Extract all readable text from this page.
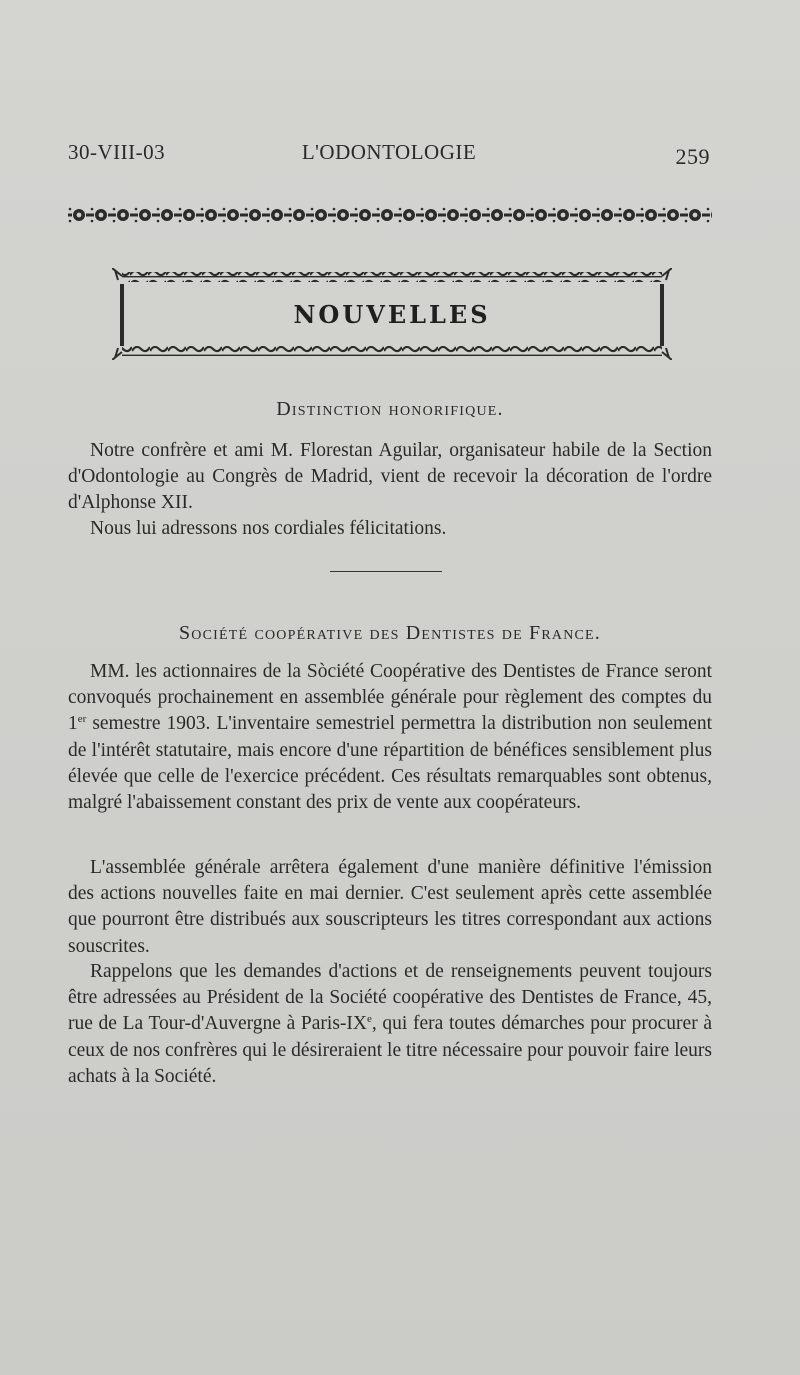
30-VIII-03	L'ODONTOLOGIE	259
NOUVELLES
Distinction honorifique.
Notre confrère et ami M. Florestan Aguilar, organisateur habile de la Section d'Odontologie au Congrès de Madrid, vient de recevoir la décoration de l'ordre d'Alphonse XII.
Nous lui adressons nos cordiales félicitations.
Société coopérative des Dentistes de France.
MM. les actionnaires de la Sòciété Coopérative des Dentistes de France seront convoqués prochainement en assemblée générale pour règlement des comptes du 1er semestre 1903. L'inventaire semestriel permettra la distribution non seulement de l'intérêt statutaire, mais encore d'une répartition de bénéfices sensiblement plus élevée que celle de l'exercice précédent. Ces résultats remarquables sont obtenus, malgré l'abaissement constant des prix de vente aux coopérateurs.
L'assemblée générale arrêtera également d'une manière définitive l'émission des actions nouvelles faite en mai dernier. C'est seulement après cette assemblée que pourront être distribués aux souscripteurs les titres correspondant aux actions souscrites.
Rappelons que les demandes d'actions et de renseignements peuvent toujours être adressées au Président de la Société coopérative des Dentistes de France, 45, rue de La Tour-d'Auvergne à Paris-IXe, qui fera toutes démarches pour procurer à ceux de nos confrères qui le désireraient le titre nécessaire pour pouvoir faire leurs achats à la Société.
